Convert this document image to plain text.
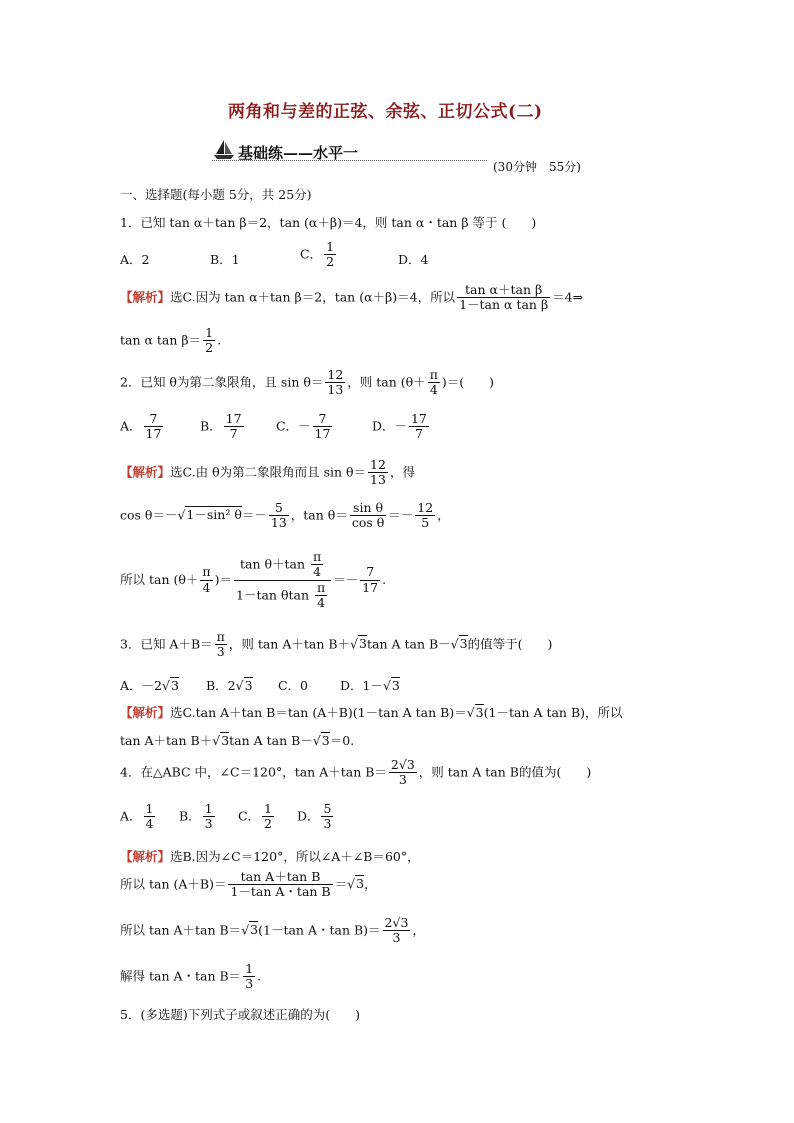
两角和与差的正弦、余弦、正切公式(二)
基础练——水平一
(30分钟　55分)
一、选择题(每小题 5分，共 25分)
1．已知 tan α＋tan β＝2，tan (α＋β)＝4，则 tan α・tan β 等于 (　　)
A．2	B．1	C． $\frac{1}{2}$	D．4
【解析】选C.因为 tan α＋tan β＝2，tan (α＋β)＝4，所以 $\frac{\text{tan α＋tan β}}{\text{1－tan α tan β}}$ ＝4⇒
tan α $\tan \beta= \frac{1}{2}$ .
2．已知 θ为第二象限角，且 $\sin \theta= \frac{12}{13}$ ，则 $\tan (\theta+ \frac{\pi}{4}$ )＝(　　)
A． $\frac{7}{17}$	B． $\frac{17}{7}$	C．－ $\frac{7}{17}$	D．－ $\frac{17}{7}$
【解析】选C.由 θ为第二象限角而且 $\sin \theta= \frac{12}{13}$ ，得
cos θ＝－√1－sin² $\theta=- \frac{5}{13}$ ，$\tan \theta= \frac{\text{sin θ}}{\text{cos θ}} =- \frac{12}{5}$ ，
所以 $\tan (\theta+ \frac{\pi}{4}$ )＝ $\frac{\tan \theta+\tan \frac{\pi}{4}}{1-\tan \theta\tan \frac{\pi}{4}} =- \frac{7}{17}$ .
3．已知 $A+B= \frac{\pi}{3}$ ，则 tan A＋tan B＋√3tan A tan B－√3的值等于(　　)
A．－2√3 B．2√3 C．0	D．1－√3
【解析】选C.tan A＋tan B＝tan (A＋B)(1－tan A tan B)＝√3(1－tan A tan B)，所以
tan A＋tan B＋√3tan A tan B－√3＝0.
4．在△ABC 中，∠C＝120°，tan A＋tan $B= \frac{2√3}{3}$ ，则 tan A tan B的值为(　　)
A． $\frac{1}{4}$ B． $\frac{1}{3}$ C． $\frac{1}{2}$ D． $\frac{5}{3}$
【解析】选B.因为∠C＝120°，所以∠A＋∠B＝60°，
所以 $\tan (A+B)= \frac{\text{tan A＋tan B}}{\text{1－tan A・tan B}} =√3$，
所以 tan A＋tan B＝√3(1－tan A・$\tan B)= \frac{2√3}{3}$ ，
解得 tan A・$\tan B= \frac{1}{3}$ .
5．(多选题)下列式子或叙述正确的为(　　)
